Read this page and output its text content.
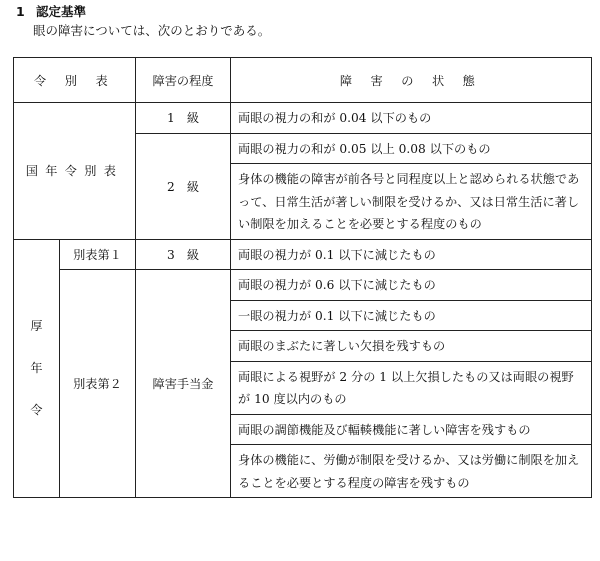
1 認定基準
眼の障害については、次のとおりである。
令 別 表		障害の程度	障 害 の 状 態
国年令別表		1　級	両眼の視力の和が 0.04 以下のもの
		2　級	両眼の視力の和が 0.05 以上 0.08 以下のもの
			身体の機能の障害が前各号と同程度以上と認められる状態であって、日常生活が著しい制限を受けるか、又は日常生活に著しい制限を加えることを必要とする程度のもの

厚
年
令	別表第１	3　級	両眼の視力が 0.1 以下に減じたもの
	別表第２	障害手当金	両眼の視力が 0.6 以下に減じたもの
			一眼の視力が 0.1 以下に減じたもの
			両眼のまぶたに著しい欠損を残すもの
			両眼による視野が 2 分の 1 以上欠損したもの又は両眼の視野が 10 度以内のもの
			両眼の調節機能及び輻輳機能に著しい障害を残すもの
			身体の機能に、労働が制限を受けるか、又は労働に制限を加えることを必要とする程度の障害を残すもの
